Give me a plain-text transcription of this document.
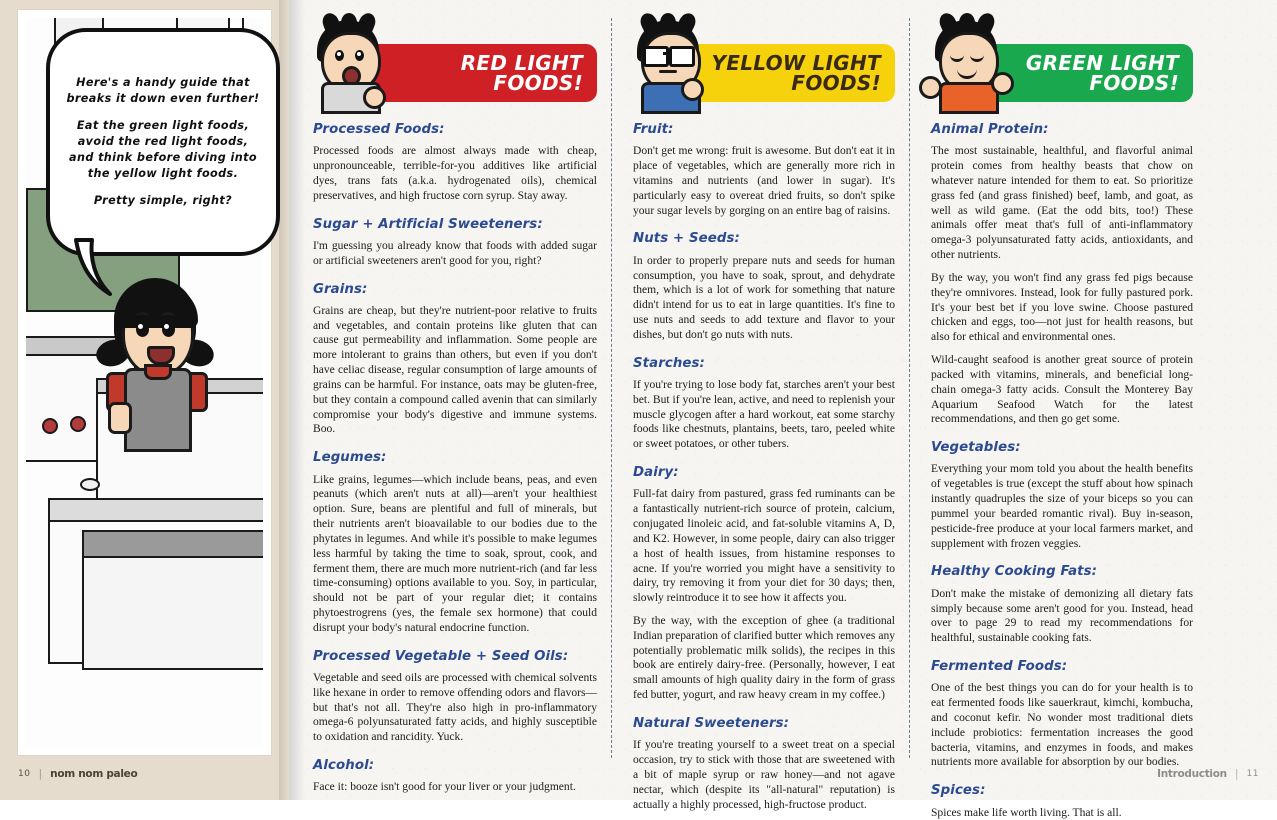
Here's a handy guide that breaks it down even further!

Eat the green light foods, avoid the red light foods, and think before diving into the yellow light foods.

Pretty simple, right?

10 | nom nom paleo
RED LIGHT
FOODS!
Processed Foods:

Processed foods are almost always made with cheap, unpronounceable, terrible-for-you additives like artificial dyes, trans fats (a.k.a. hydrogenated oils), chemical preservatives, and high fructose corn syrup. Stay away.

Sugar + Artificial Sweeteners:

I'm guessing you already know that foods with added sugar or artificial sweeteners aren't good for you, right?

Grains:

Grains are cheap, but they're nutrient-poor relative to fruits and vegetables, and contain proteins like gluten that can cause gut permeability and inflammation. Some people are more intolerant to grains than others, but even if you don't have celiac disease, regular consumption of large amounts of grains can be harmful. For instance, oats may be gluten-free, but they contain a compound called avenin that can similarly compromise your body's digestive and immune systems. Boo.

Legumes:

Like grains, legumes—which include beans, peas, and even peanuts (which aren't nuts at all)—aren't your healthiest option. Sure, beans are plentiful and full of minerals, but their nutrients aren't bioavailable to our bodies due to the phytates in legumes. And while it's possible to make legumes less harmful by taking the time to soak, sprout, cook, and ferment them, there are much more nutrient-rich (and far less time-consuming) options available to you. Soy, in particular, should not be part of your regular diet; it contains phytoestrogrens (yes, the female sex hormone) that could disrupt your body's natural endocrine function.

Processed Vegetable + Seed Oils:

Vegetable and seed oils are processed with chemical solvents like hexane in order to remove offending odors and flavors—but that's not all. They're also high in pro-inflammatory omega-6 polyunsaturated fatty acids, and highly susceptible to oxidation and rancidity. Yuck.

Alcohol:

Face it: booze isn't good for your liver or your judgment.

YELLOW LIGHT
FOODS!
Fruit:

Don't get me wrong: fruit is awesome. But don't eat it in place of vegetables, which are generally more rich in vitamins and nutrients (and lower in sugar). It's particularly easy to overeat dried fruits, so don't spike your sugar levels by gorging on an entire bag of raisins.

Nuts + Seeds:

In order to properly prepare nuts and seeds for human consumption, you have to soak, sprout, and dehydrate them, which is a lot of work for something that nature didn't intend for us to eat in large quantities. It's fine to use nuts and seeds to add texture and flavor to your dishes, but don't go nuts with nuts.

Starches:

If you're trying to lose body fat, starches aren't your best bet. But if you're lean, active, and need to replenish your muscle glycogen after a hard workout, eat some starchy foods like chestnuts, plantains, beets, taro, peeled white or sweet potatoes, or other tubers.

Dairy:

Full-fat dairy from pastured, grass fed ruminants can be a fantastically nutrient-rich source of protein, calcium, conjugated linoleic acid, and fat-soluble vitamins A, D, and K2. However, in some people, dairy can also trigger a host of health issues, from histamine responses to acne. If you're worried you might have a sensitivity to dairy, try removing it from your diet for 30 days; then, slowly reintroduce it to see how it affects you.

By the way, with the exception of ghee (a traditional Indian preparation of clarified butter which removes any potentially problematic milk solids), the recipes in this book are entirely dairy-free. (Personally, however, I eat small amounts of high quality dairy in the form of grass fed butter, yogurt, and raw heavy cream in my coffee.)

Natural Sweeteners:

If you're treating yourself to a sweet treat on a special occasion, try to stick with those that are sweetened with a bit of maple syrup or raw honey—and not agave nectar, which (despite its "all-natural" reputation) is actually a highly processed, high-fructose product.

GREEN LIGHT
FOODS!
Animal Protein:

The most sustainable, healthful, and flavorful animal protein comes from healthy beasts that chow on whatever nature intended for them to eat. So prioritize grass fed (and grass finished) beef, lamb, and goat, as well as wild game. (Eat the odd bits, too!) These animals offer meat that's full of anti-inflammatory omega-3 polyunsaturated fatty acids, antioxidants, and other nutrients.

By the way, you won't find any grass fed pigs because they're omnivores. Instead, look for fully pastured pork. It's your best bet if you love swine. Choose pastured chicken and eggs, too—not just for health reasons, but also for ethical and environmental ones.

Wild-caught seafood is another great source of protein packed with vitamins, minerals, and beneficial long-chain omega-3 fatty acids. Consult the Monterey Bay Aquarium Seafood Watch for the latest recommendations, and then go get some.

Vegetables:

Everything your mom told you about the health benefits of vegetables is true (except the stuff about how spinach instantly quadruples the size of your biceps so you can pummel your bearded romantic rival). Buy in-season, pesticide-free produce at your local farmers market, and supplement with frozen veggies.

Healthy Cooking Fats:

Don't make the mistake of demonizing all dietary fats simply because some aren't good for you. Instead, head over to page 29 to read my recommendations for healthful, sustainable cooking fats.

Fermented Foods:

One of the best things you can do for your health is to eat fermented foods like sauerkraut, kimchi, kombucha, and coconut kefir. No wonder most traditional diets include probiotics: fermentation increases the good bacteria, vitamins, and enzymes in foods, and makes nutrients more available for absorption by our bodies.

Spices:

Spices make life worth living. That is all.

Introduction | 11
